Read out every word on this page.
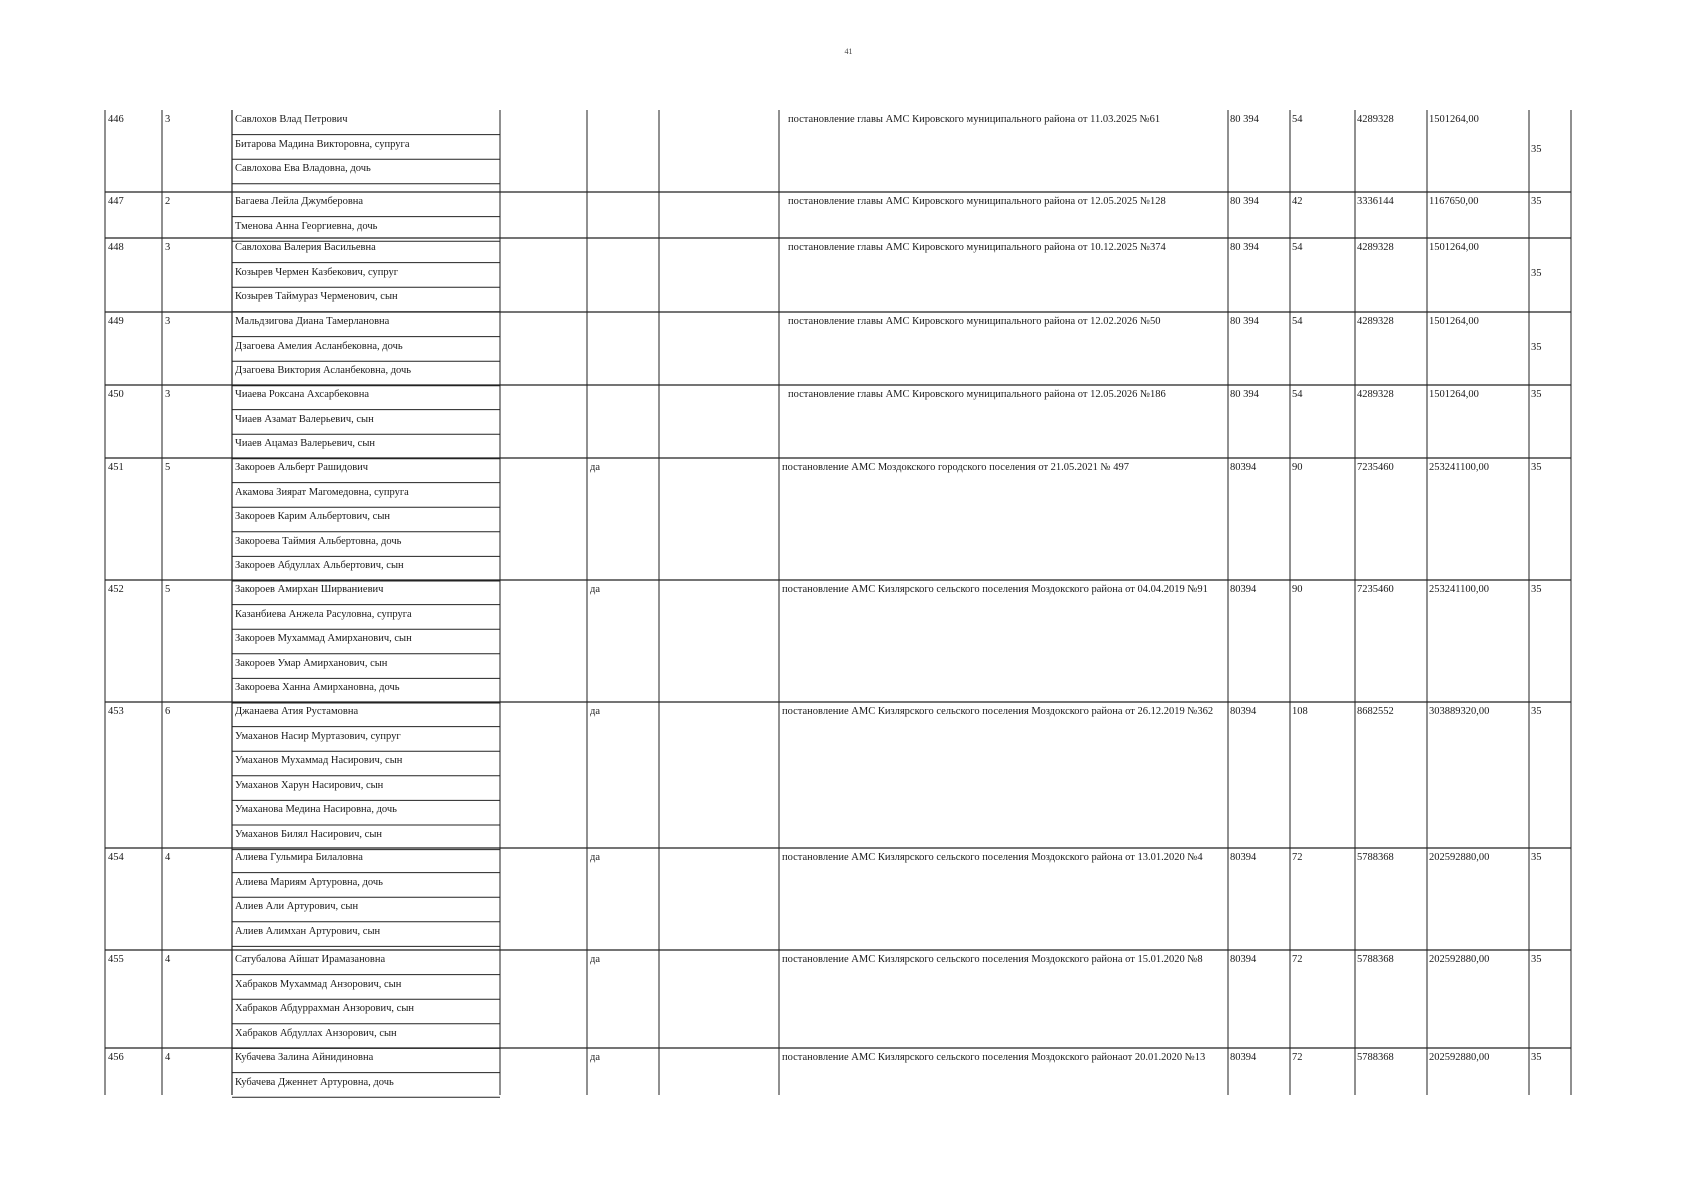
41
446	3	Савлохов Влад Петрович
Битарова Мадина Викторовна, супруга
Савлохова Ева Владовна, дочь
постановление главы АМС Кировского муниципального района от 11.03.2025 №61	80 394	54	4289328	1501264,00
35
447	2	Багаева Лейла Джумберовна
Тменова Анна Георгиевна, дочь
постановление главы АМС Кировского муниципального района от 12.05.2025 №128	80 394	42	3336144	1167650,00	35
448	3	Савлохова Валерия Васильевна
Козырев Чермен Казбекович, супруг
Козырев Таймураз Черменович, сын
постановление главы АМС Кировского муниципального района от 10.12.2025 №374	80 394	54	4289328	1501264,00
35
449	3	Мальдзигова Диана Тамерлановна
Дзагоева Амелия Асланбековна, дочь
Дзагоева Виктория Асланбековна, дочь
постановление главы АМС Кировского муниципального района от 12.02.2026 №50	80 394	54	4289328	1501264,00
35
450	3	Чиаева Роксана Ахсарбековна
Чиаев Азамат Валерьевич, сын
Чиаев Ацамаз Валерьевич, сын
постановление главы АМС Кировского муниципального района от 12.05.2026 №186	80 394	54	4289328	1501264,00	35
451	5	Закороев Альберт Рашидович
Акамова Зиярат Магомедовна, супруга
Закороев Карим Альбертович, сын
Закороева Таймия Альбертовна, дочь
Закороев Абдуллах Альбертович, сын
да	постановление АМС Моздокского городского поселения от 21.05.2021 № 497	80394	90	7235460	253241100,00	35
452	5	Закороев Амирхан Ширваниевич
Казанбиева Анжела Расуловна, супруга
Закороев Мухаммад Амирханович, сын
Закороев Умар Амирханович, сын
Закороева Ханна Амирхановна, дочь
да	постановление АМС Кизлярского сельского поселения Моздокского района от 04.04.2019 №91	80394	90	7235460	253241100,00	35
453	6	Джанаева Атия Рустамовна
Умаханов Насир Муртазович, супруг
Умаханов Мухаммад Насирович, сын
Умаханов Харун Насирович, сын
Умаханова Медина Насировна, дочь
Умаханов Билял Насирович, сын
да	постановление АМС Кизлярского сельского поселения Моздокского района от 26.12.2019 №362	80394	108	8682552	303889320,00	35
454	4	Алиева Гульмира Билаловна
Алиева Мариям Артуровна, дочь
Алиев Али Артурович, сын
Алиев Алимхан Артурович, сын
да	постановление АМС Кизлярского сельского поселения Моздокского района от 13.01.2020 №4	80394	72	5788368	202592880,00	35
455	4	Сатубалова Айшат Ирамазановна
Хабраков Мухаммад Анзорович, сын
Хабраков Абдуррахман Анзорович, сын
Хабраков Абдуллах Анзорович, сын
да	постановление АМС Кизлярского сельского поселения Моздокского района от 15.01.2020 №8	80394	72	5788368	202592880,00	35
456	4	Кубачева Залина Айнидиновна
Кубачева Дженнет Артуровна, дочь
да	постановление АМС Кизлярского сельского поселения Моздокского районаот 20.01.2020 №13	80394	72	5788368	202592880,00	35
